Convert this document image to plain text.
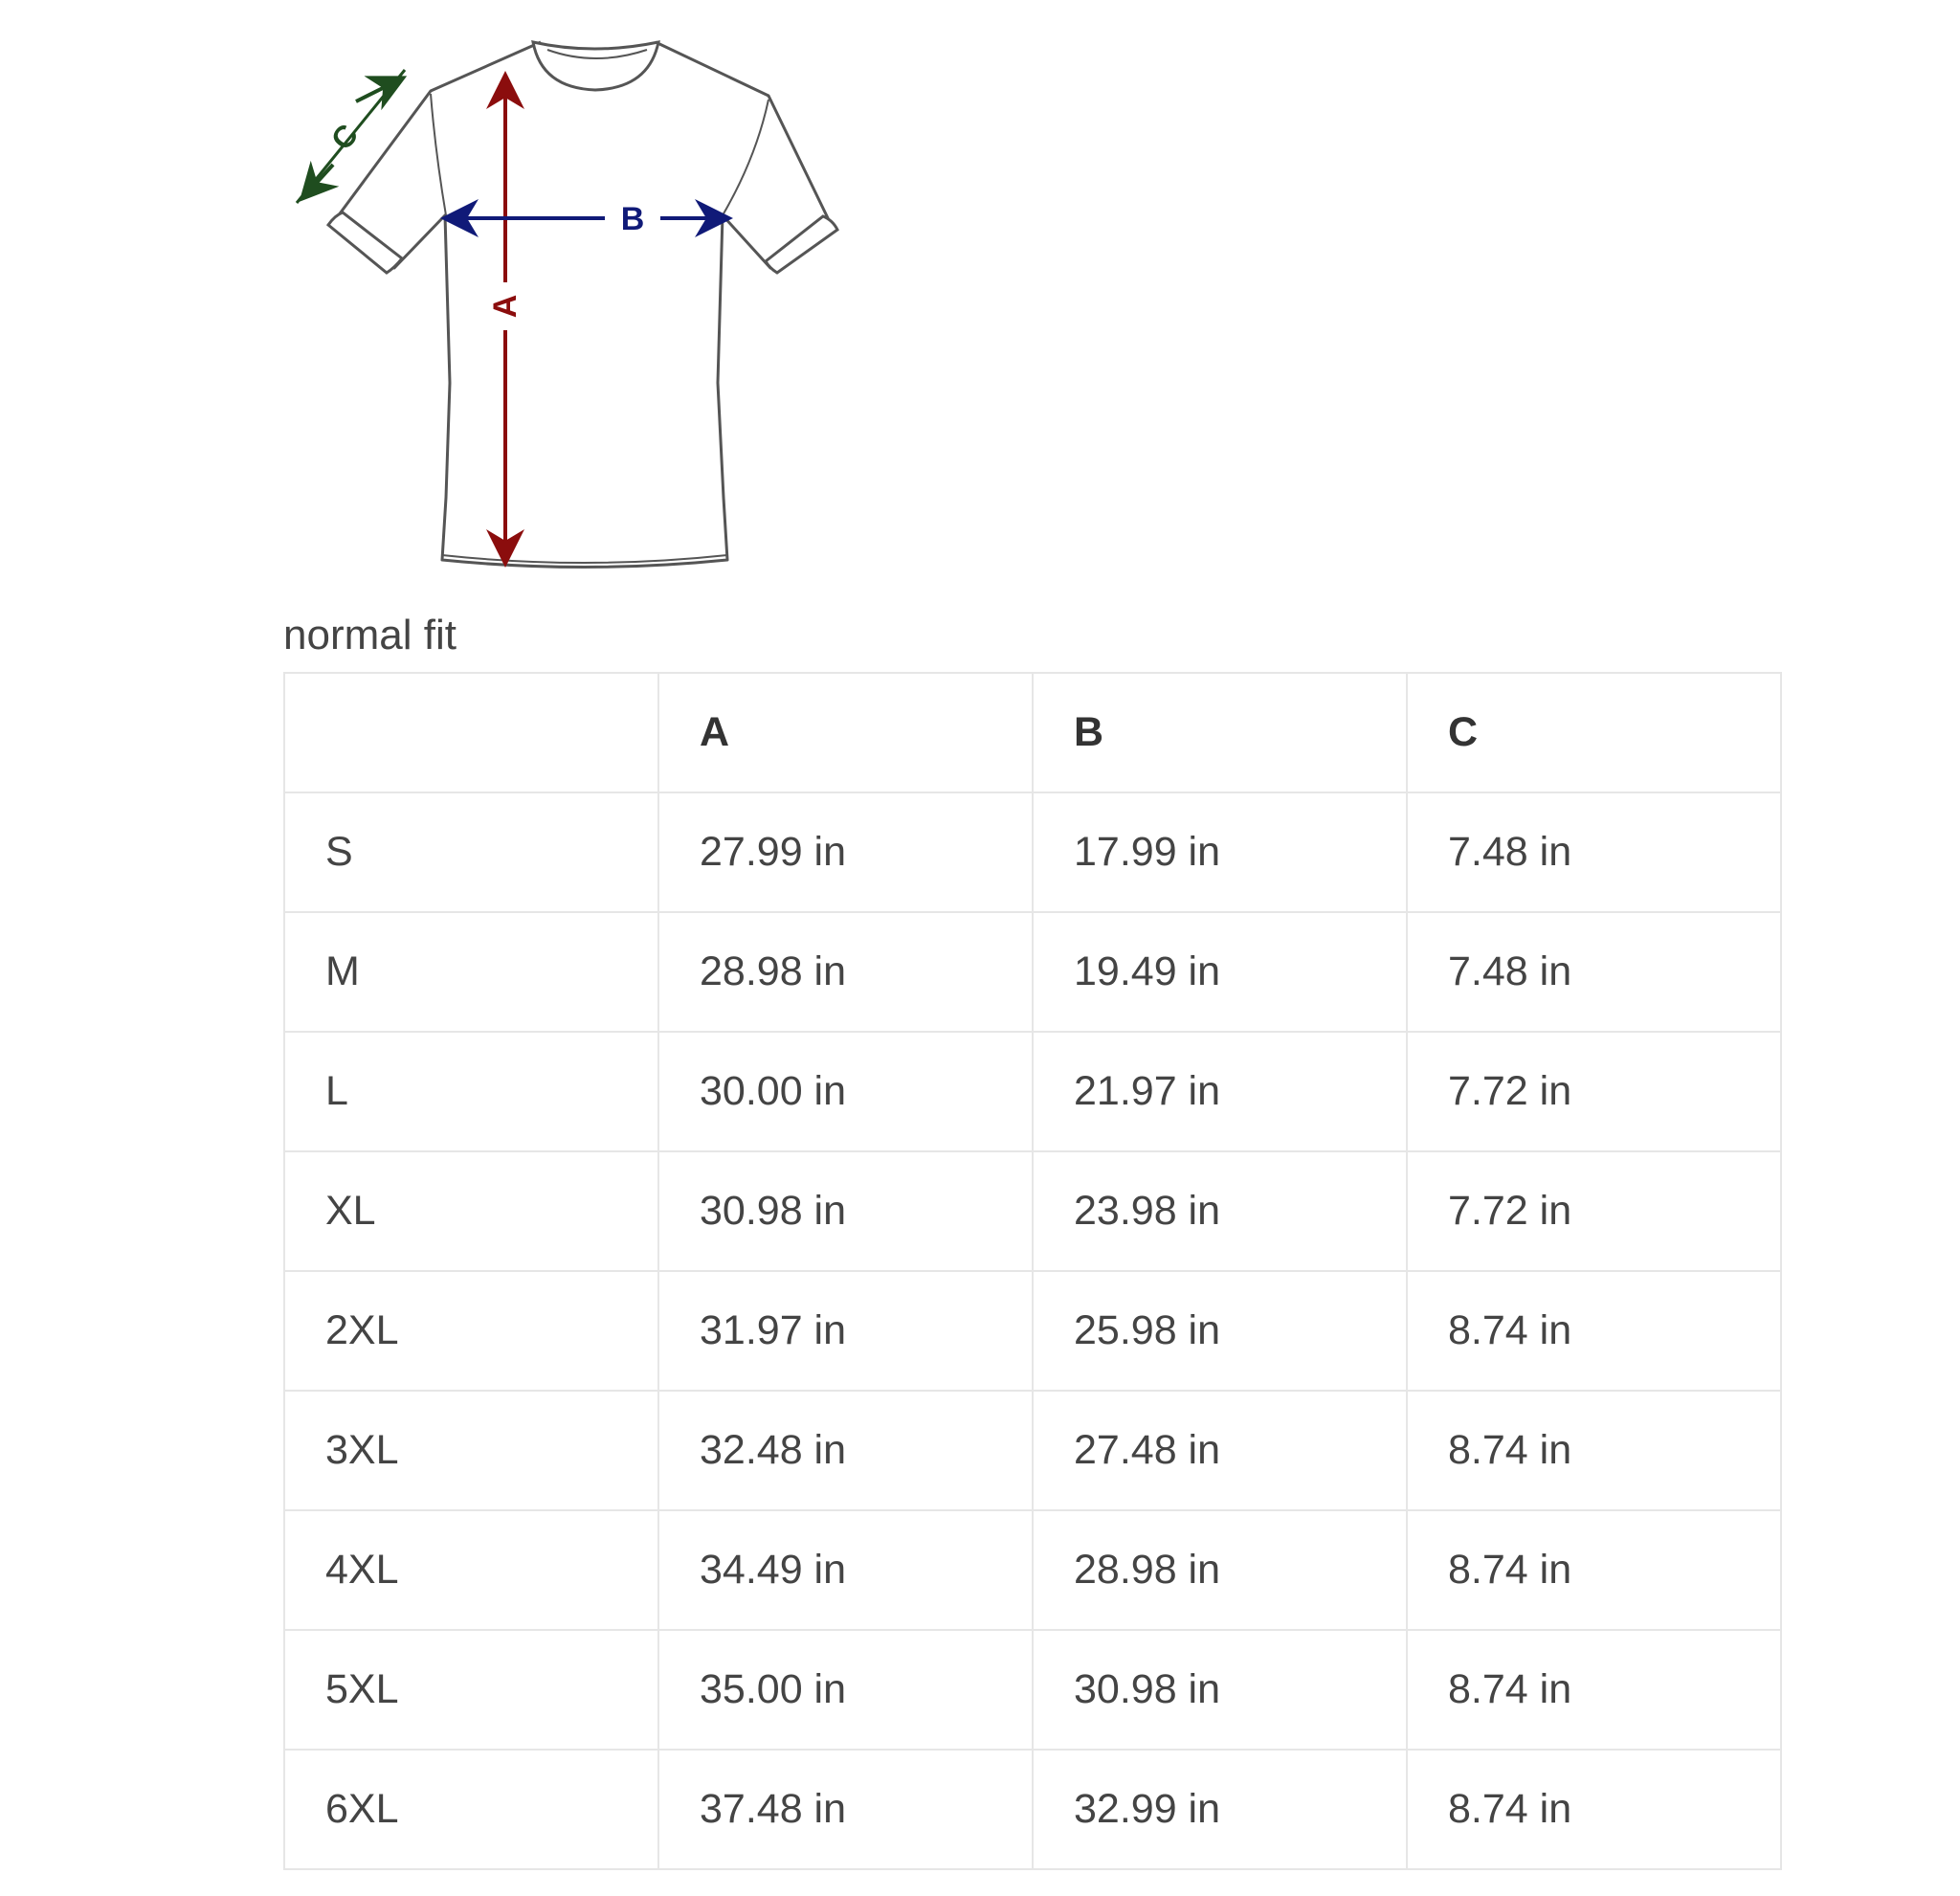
A
B
C

normal fit

	A	B	C
S	27.99 in	17.99 in	7.48 in
M	28.98 in	19.49 in	7.48 in
L	30.00 in	21.97 in	7.72 in
XL	30.98 in	23.98 in	7.72 in
2XL	31.97 in	25.98 in	8.74 in
3XL	32.48 in	27.48 in	8.74 in
4XL	34.49 in	28.98 in	8.74 in
5XL	35.00 in	30.98 in	8.74 in
6XL	37.48 in	32.99 in	8.74 in
